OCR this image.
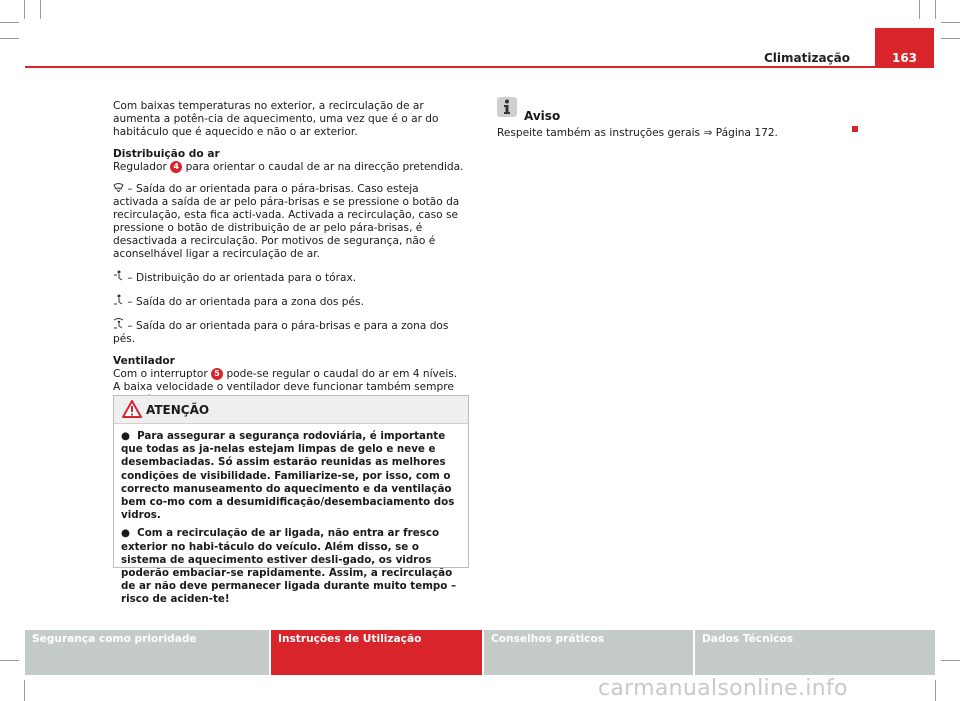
Climatização	163

Com baixas temperaturas no exterior, a recirculação de ar aumenta a potên-cia de aquecimento, uma vez que é o ar do habitáculo que é aquecido e não o ar exterior.

Distribuição do ar

Regulador 4 para orientar o caudal de ar na direcção pretendida.

– Saída do ar orientada para o pára-brisas. Caso esteja activada a saída de ar pelo pára-brisas e se pressione o botão da recirculação, esta fica acti-vada. Activada a recirculação, caso se pressione o botão de distribuição de ar pelo pára-brisas, é desactivada a recirculação. Por motivos de segurança, não é aconselhável ligar a recirculação de ar.

– Distribuição do ar orientada para o tórax.

– Saída do ar orientada para a zona dos pés.

– Saída do ar orientada para o pára-brisas e para a zona dos pés.

Ventilador

Com o interruptor 5 pode-se regular o caudal do ar em 4 níveis. A baixa velocidade o ventilador deve funcionar também sempre

ATENÇÃO

●  Para assegurar a segurança rodoviária, é importante que todas as ja-nelas estejam limpas de gelo e neve e desembaciadas. Só assim estarão reunidas as melhores condições de visibilidade. Familiarize-se, por isso, com o correcto manuseamento do aquecimento e da ventilação bem co-mo com a desumidificação/desembaciamento dos vidros.

●  Com a recirculação de ar ligada, não entra ar fresco exterior no habi-táculo do veículo. Além disso, se o sistema de aquecimento estiver desli-gado, os vidros poderão embaciar-se rapidamente. Assim, a recirculação de ar não deve permanecer ligada durante muito tempo – risco de aciden-te!

Aviso
Respeite também as instruções gerais ⇒ Página 172.
Segurança como prioridade	Instruções de Utilização	Conselhos práticos	Dados Técnicos
carmanualsonline.info
